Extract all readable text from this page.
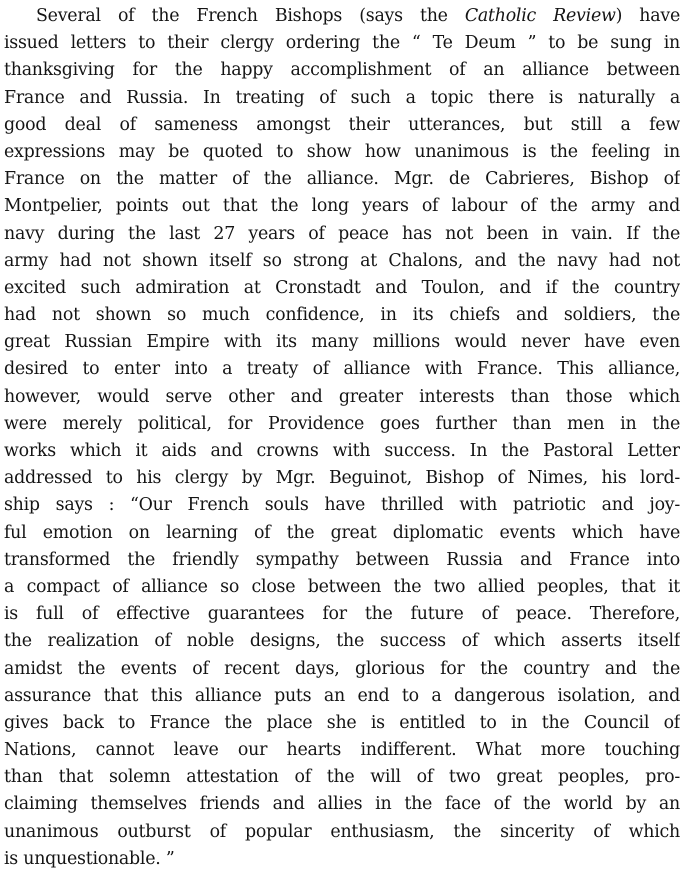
Several of the French Bishops (says the Catholic Review) have
issued letters to their clergy ordering the “ Te Deum ” to be sung in
thanksgiving for the happy accomplishment of an alliance between
France and Russia. In treating of such a topic there is naturally a
good deal of sameness amongst their utterances, but still a few
expressions may be quoted to show how unanimous is the feeling in
France on the matter of the alliance. Mgr. de Cabrieres, Bishop of
Montpelier, points out that the long years of labour of the army and
navy during the last 27 years of peace has not been in vain. If the
army had not shown itself so strong at Chalons, and the navy had not
excited such admiration at Cronstadt and Toulon, and if the country
had not shown so much confidence, in its chiefs and soldiers, the
great Russian Empire with its many millions would never have even
desired to enter into a treaty of alliance with France. This alliance,
however, would serve other and greater interests than those which
were merely political, for Providence goes further than men in the
works which it aids and crowns with success. In the Pastoral Letter
addressed to his clergy by Mgr. Beguinot, Bishop of Nimes, his lord-
ship says : “Our French souls have thrilled with patriotic and joy-
ful emotion on learning of the great diplomatic events which have
transformed the friendly sympathy between Russia and France into
a compact of alliance so close between the two allied peoples, that it
is full of effective guarantees for the future of peace. Therefore,
the realization of noble designs, the success of which asserts itself
amidst the events of recent days, glorious for the country and the
assurance that this alliance puts an end to a dangerous isolation, and
gives back to France the place she is entitled to in the Council of
Nations, cannot leave our hearts indifferent. What more touching
than that solemn attestation of the will of two great peoples, pro-
claiming themselves friends and allies in the face of the world by an
unanimous outburst of popular enthusiasm, the sincerity of which
is unquestionable. ”
